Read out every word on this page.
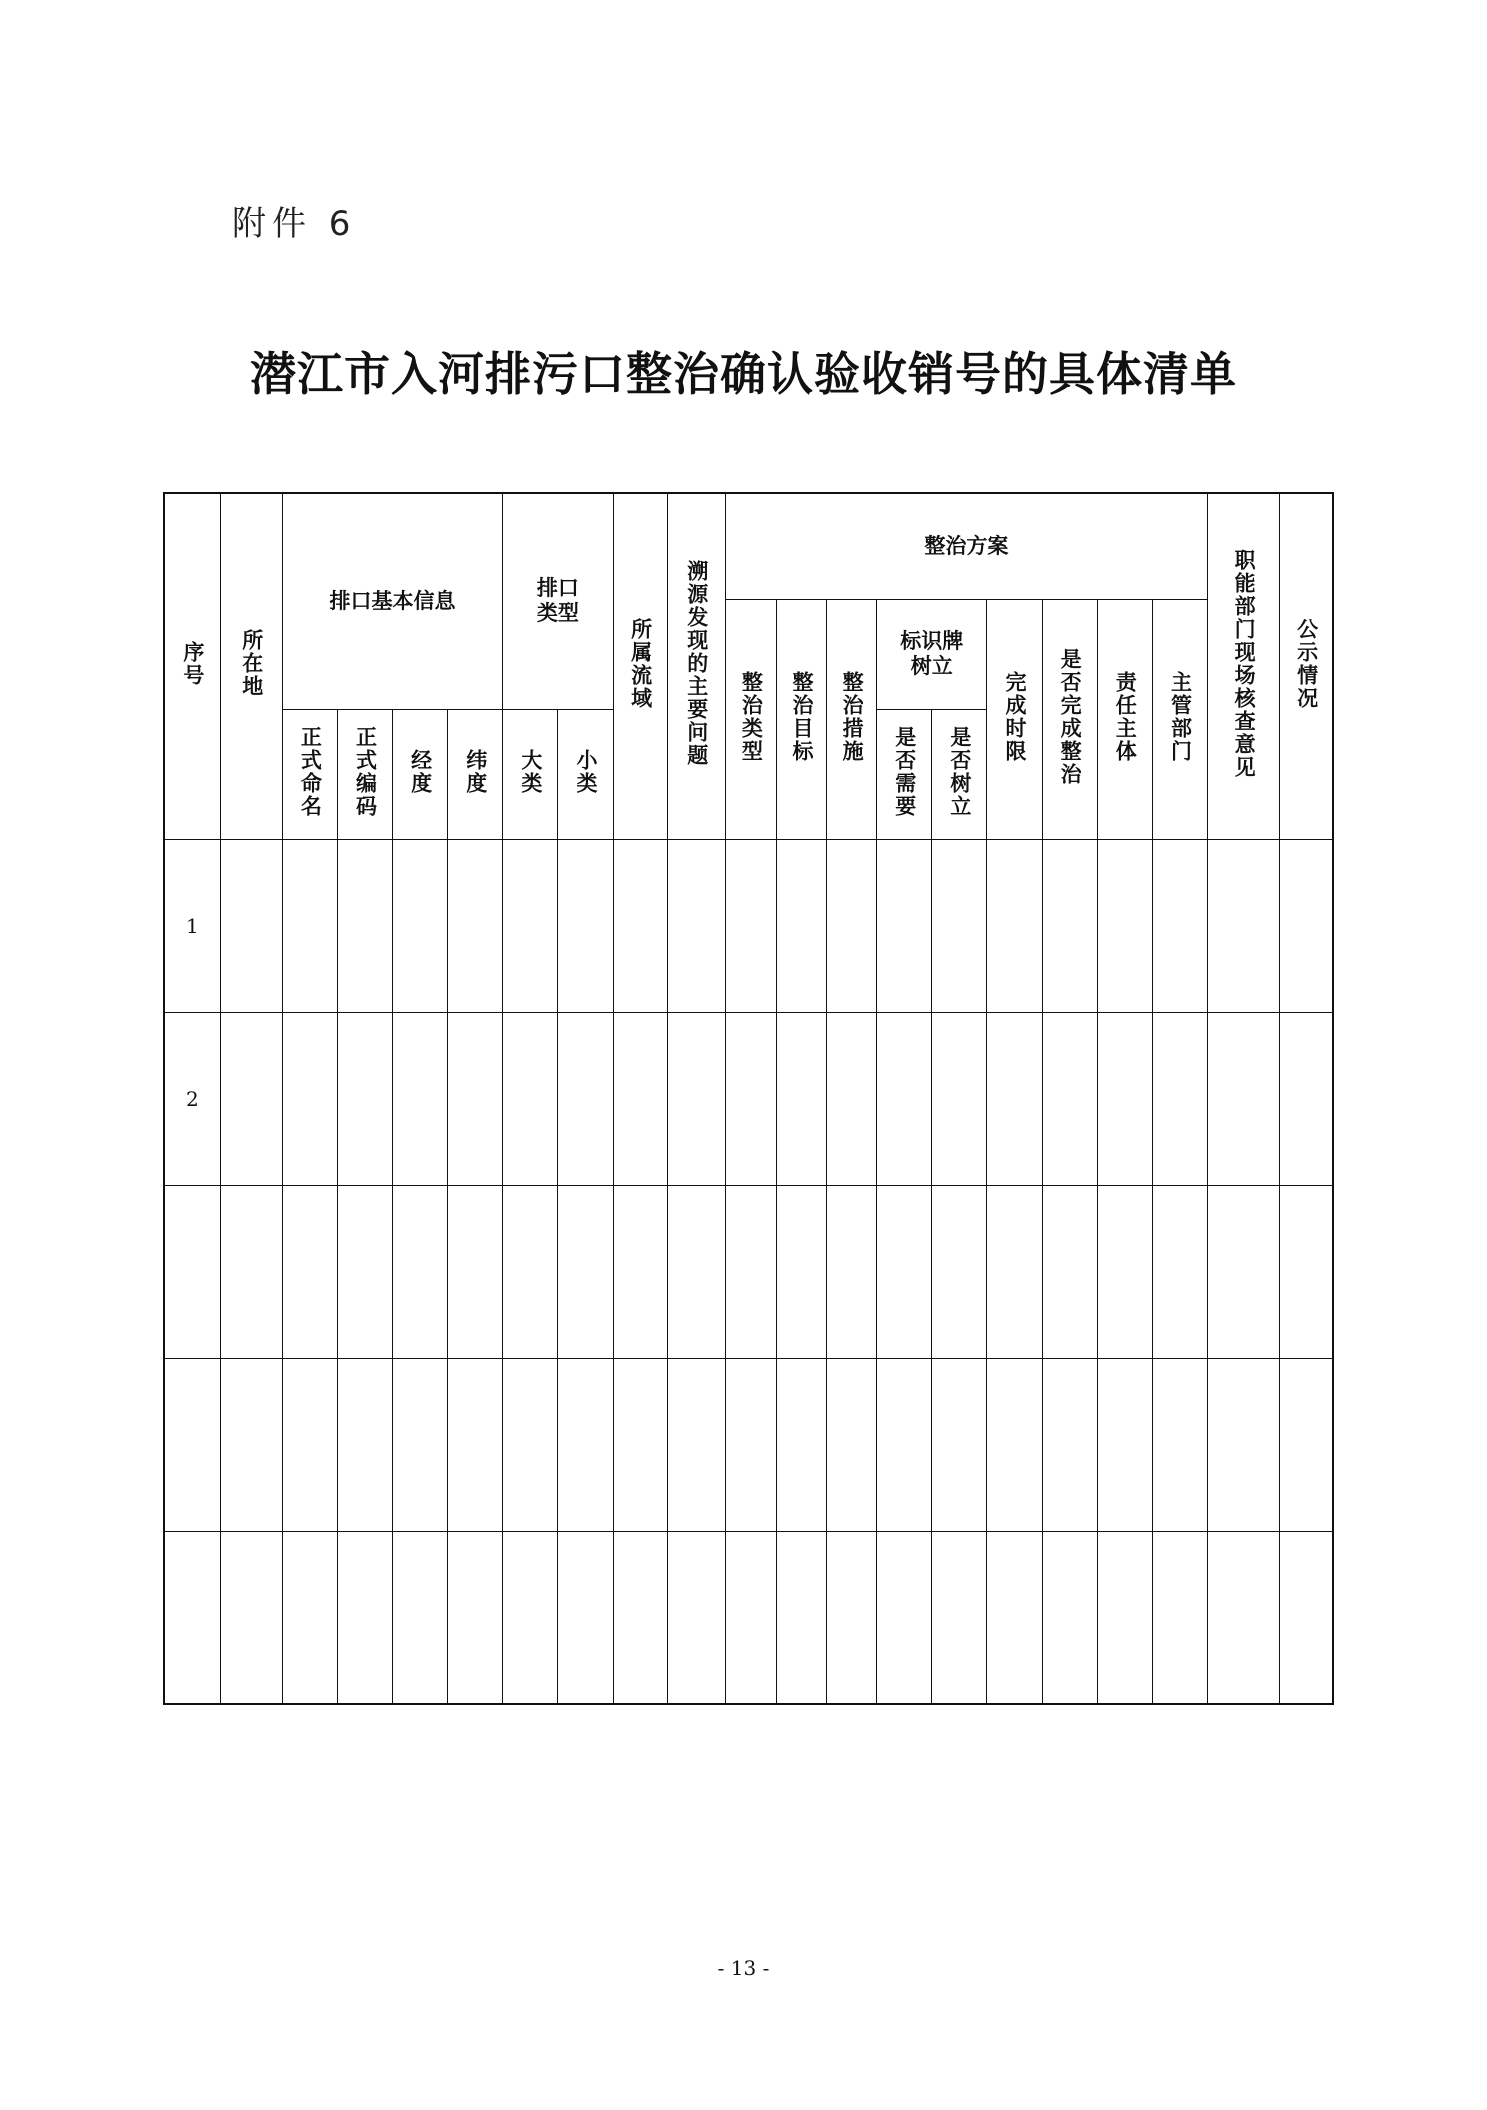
附件 6
潜江市入河排污口整治确认验收销号的具体清单
序号	所在地	排口基本信息				排口类型		所属流域	溯源发现的主要问题	整治方案									职能部门现场核查意见	公示情况
										整治类型	整治目标	整治措施	标识牌树立		完成时限	是否完成整治	责任主体	主管部门		
		正式命名	正式编码	经度	纬度	大类	小类						是否需要	是否树立						
1																				
2																				

- 13 -
